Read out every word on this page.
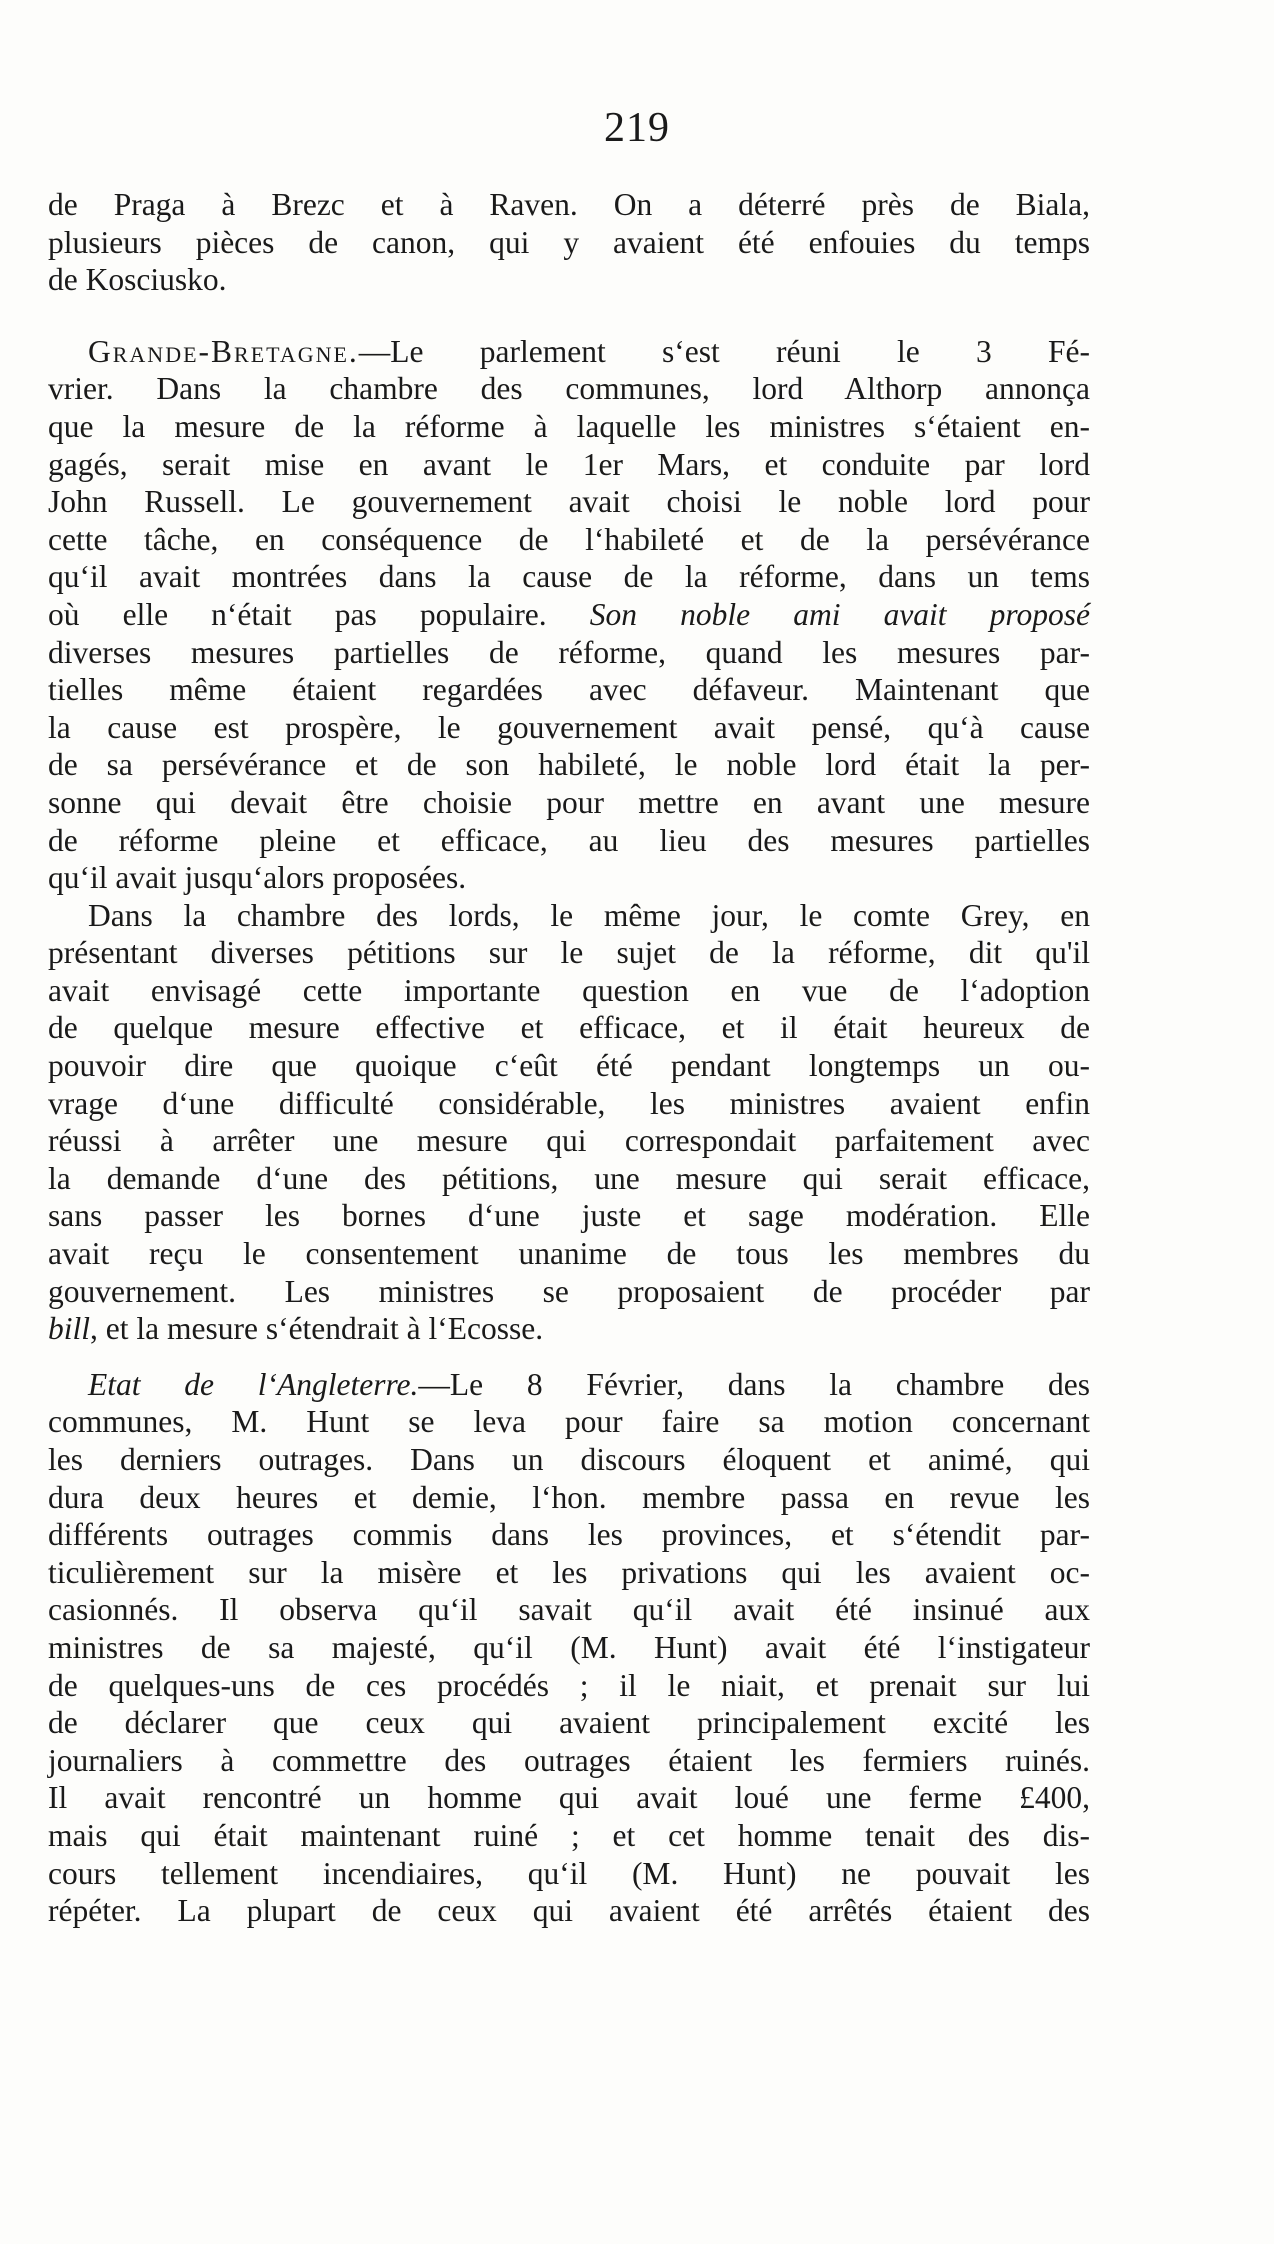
219
de Praga à Brezc et à Raven. On a déterré près de Biala,
plusieurs pièces de canon, qui y avaient été enfouies du temps
de Kosciusko.
Grande-Bretagne.—Le parlement s‘est réuni le 3 Fé-
vrier. Dans la chambre des communes, lord Althorp annonça
que la mesure de la réforme à laquelle les ministres s‘étaient en-
gagés, serait mise en avant le 1er Mars, et conduite par lord
John Russell. Le gouvernement avait choisi le noble lord pour
cette tâche, en conséquence de l‘habileté et de la persévérance
qu‘il avait montrées dans la cause de la réforme, dans un tems
où elle n‘était pas populaire. Son noble ami avait proposé
diverses mesures partielles de réforme, quand les mesures par-
tielles même étaient regardées avec défaveur. Maintenant que
la cause est prospère, le gouvernement avait pensé, qu‘à cause
de sa persévérance et de son habileté, le noble lord était la per-
sonne qui devait être choisie pour mettre en avant une mesure
de réforme pleine et efficace, au lieu des mesures partielles
qu‘il avait jusqu‘alors proposées.
Dans la chambre des lords, le même jour, le comte Grey, en
présentant diverses pétitions sur le sujet de la réforme, dit qu'il
avait envisagé cette importante question en vue de l‘adoption
de quelque mesure effective et efficace, et il était heureux de
pouvoir dire que quoique c‘eût été pendant longtemps un ou-
vrage d‘une difficulté considérable, les ministres avaient enfin
réussi à arrêter une mesure qui correspondait parfaitement avec
la demande d‘une des pétitions, une mesure qui serait efficace,
sans passer les bornes d‘une juste et sage modération. Elle
avait reçu le consentement unanime de tous les membres du
gouvernement. Les ministres se proposaient de procéder par
bill, et la mesure s‘étendrait à l‘Ecosse.
Etat de l‘Angleterre.—Le 8 Février, dans la chambre des
communes, M. Hunt se leva pour faire sa motion concernant
les derniers outrages. Dans un discours éloquent et animé, qui
dura deux heures et demie, l‘hon. membre passa en revue les
différents outrages commis dans les provinces, et s‘étendit par-
ticulièrement sur la misère et les privations qui les avaient oc-
casionnés. Il observa qu‘il savait qu‘il avait été insinué aux
ministres de sa majesté, qu‘il (M. Hunt) avait été l‘instigateur
de quelques-uns de ces procédés ; il le niait, et prenait sur lui
de déclarer que ceux qui avaient principalement excité les
journaliers à commettre des outrages étaient les fermiers ruinés.
Il avait rencontré un homme qui avait loué une ferme £400,
mais qui était maintenant ruiné ; et cet homme tenait des dis-
cours tellement incendiaires, qu‘il (M. Hunt) ne pouvait les
répéter. La plupart de ceux qui avaient été arrêtés étaient des
